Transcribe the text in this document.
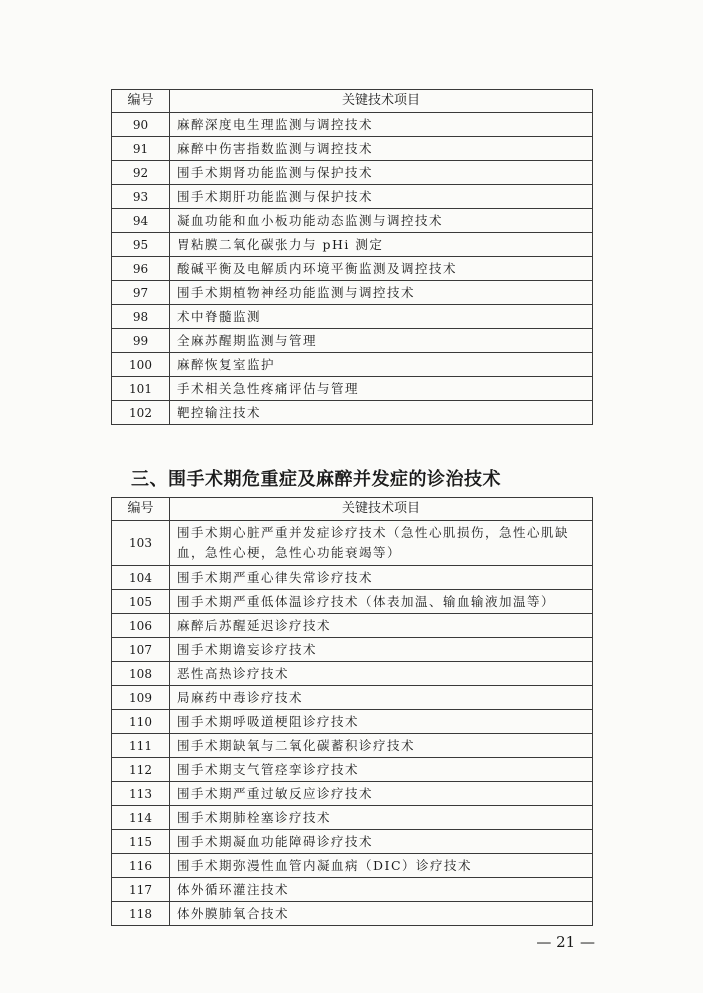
编号	关键技术项目
90	麻醉深度电生理监测与调控技术
91	麻醉中伤害指数监测与调控技术
92	围手术期肾功能监测与保护技术
93	围手术期肝功能监测与保护技术
94	凝血功能和血小板功能动态监测与调控技术
95	胃粘膜二氧化碳张力与 pHi 测定
96	酸碱平衡及电解质内环境平衡监测及调控技术
97	围手术期植物神经功能监测与调控技术
98	术中脊髓监测
99	全麻苏醒期监测与管理
100	麻醉恢复室监护
101	手术相关急性疼痛评估与管理
102	靶控输注技术
三、围手术期危重症及麻醉并发症的诊治技术
编号	关键技术项目
103	围手术期心脏严重并发症诊疗技术（急性心肌损伤，急性心肌缺血，急性心梗，急性心功能衰竭等）
104	围手术期严重心律失常诊疗技术
105	围手术期严重低体温诊疗技术（体表加温、输血输液加温等）
106	麻醉后苏醒延迟诊疗技术
107	围手术期谵妄诊疗技术
108	恶性高热诊疗技术
109	局麻药中毒诊疗技术
110	围手术期呼吸道梗阻诊疗技术
111	围手术期缺氧与二氧化碳蓄积诊疗技术
112	围手术期支气管痉挛诊疗技术
113	围手术期严重过敏反应诊疗技术
114	围手术期肺栓塞诊疗技术
115	围手术期凝血功能障碍诊疗技术
116	围手术期弥漫性血管内凝血病（DIC）诊疗技术
117	体外循环灌注技术
118	体外膜肺氧合技术
— 21 —
